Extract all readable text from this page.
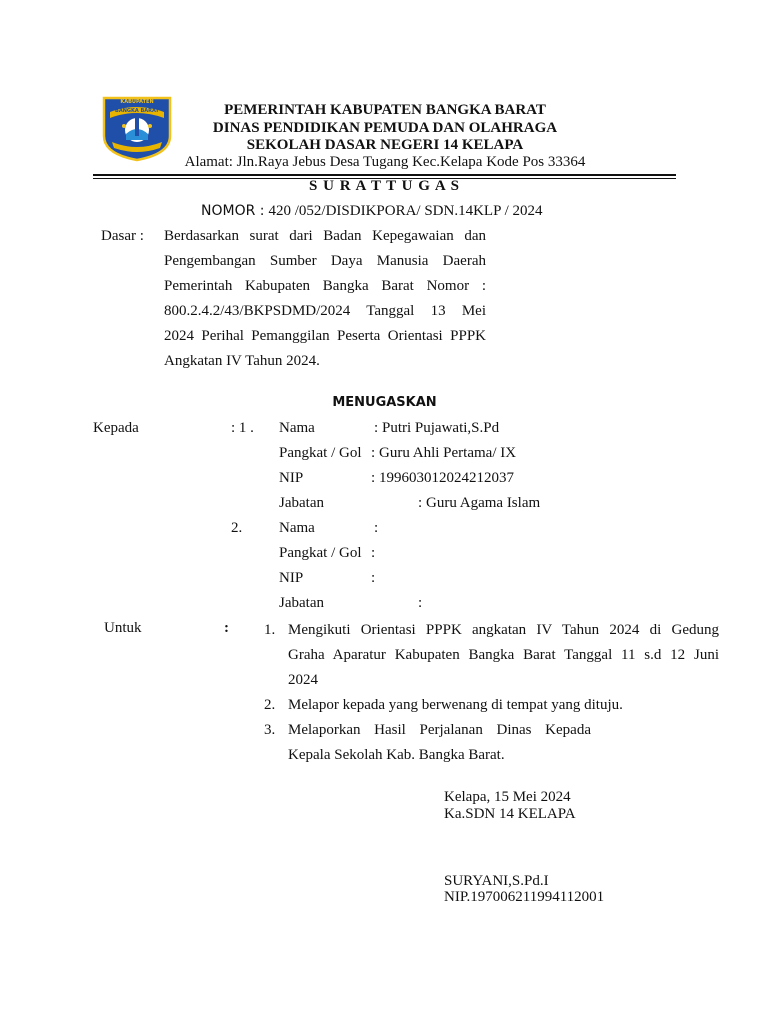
KABUPATEN
BANGKA BARAT	PEMERINTAH KABUPATEN BANGKA BARAT
DINAS PENDIDIKAN PEMUDA DAN OLAHRAGA
SEKOLAH DASAR NEGERI 14 KELAPA
Alamat: Jln.Raya Jebus Desa Tugang Kec.Kelapa Kode Pos 33364
S U R A T T U G A S
NOMOR : 420 /052/DISDIKPORA/ SDN.14KLP / 2024
Dasar : Berdasarkan surat dari Badan Kepegawaian dan
Pengembangan Sumber Daya Manusia Daerah
Pemerintah Kabupaten Bangka Barat Nomor :
800.2.4.2/43/BKPSDMD/2024 Tanggal 13 Mei
2024 Perihal Pemanggilan Peserta Orientasi PPPK
Angkatan IV Tahun 2024.
MENUGASKAN
Kepada	: 1 . Nama	: Putri Pujawati,S.Pd
Pangkat / Gol : Guru Ahli Pertama/ IX
NIP	: 199603012024212037
Jabatan	: Guru Agama Islam
2. Nama	:
Pangkat / Gol :
NIP	:
Jabatan	:
Untuk	: 1. Mengikuti Orientasi PPPK angkatan IV Tahun 2024 di Gedung
Graha Aparatur Kabupaten Bangka Barat Tanggal 11 s.d 12 Juni
2024
2. Melapor kepada yang berwenang di tempat yang dituju.
3. Melaporkan Hasil Perjalanan Dinas Kepada
Kepala Sekolah Kab. Bangka Barat.
Kelapa, 15 Mei 2024
Ka.SDN 14 KELAPA
SURYANI,S.Pd.I
NIP.197006211994112001
